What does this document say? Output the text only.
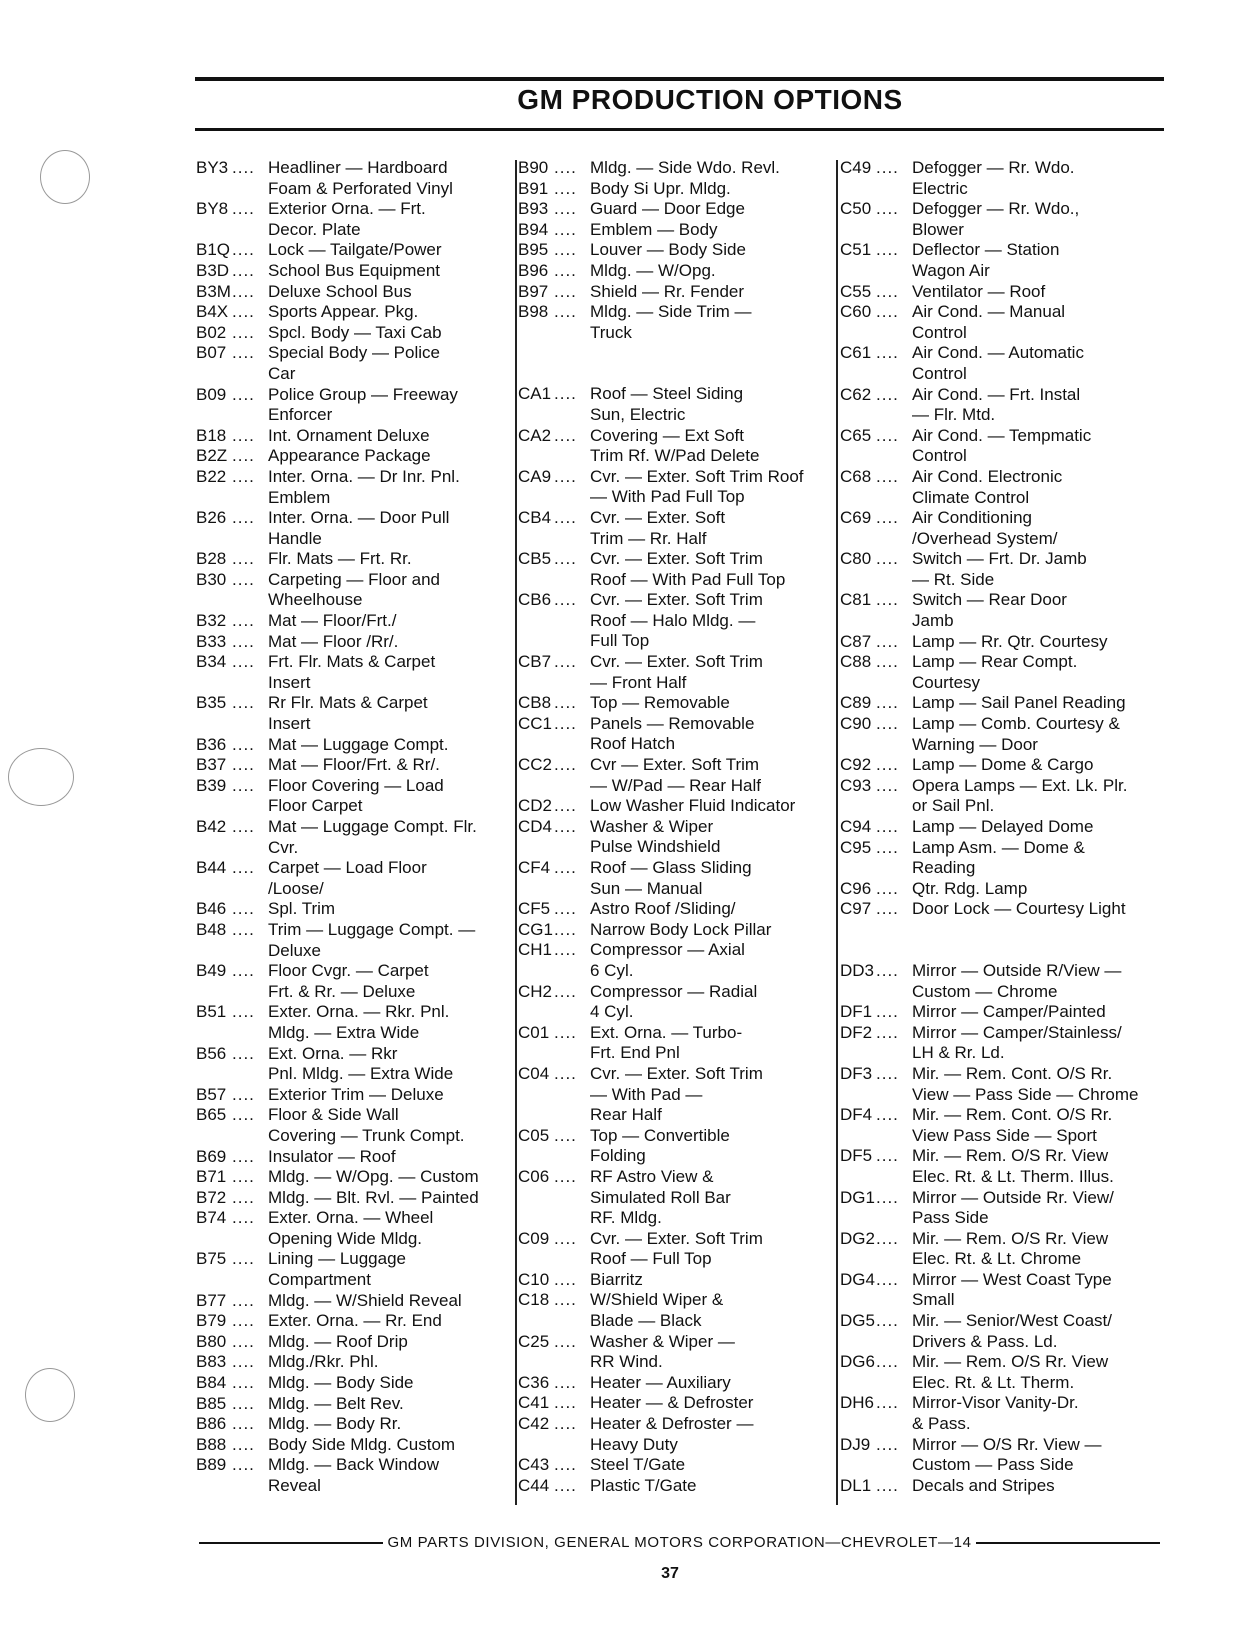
GM PRODUCTION OPTIONS
BY3 .... Headliner — Hardboard
Foam & Perforated Vinyl
BY8 .... Exterior Orna. — Frt.
Decor. Plate
B1Q .... Lock — Tailgate/Power
B3D .... School Bus Equipment
B3M .... Deluxe School Bus
B4X .... Sports Appear. Pkg.
B02 .... Spcl. Body — Taxi Cab
B07 .... Special Body — Police
Car
B09 .... Police Group — Freeway
Enforcer
B18 .... Int. Ornament Deluxe
B2Z .... Appearance Package
B22 .... Inter. Orna. — Dr Inr. Pnl.
Emblem
B26 .... Inter. Orna. — Door Pull
Handle
B28 .... Flr. Mats — Frt. Rr.
B30 .... Carpeting — Floor and
Wheelhouse
B32 .... Mat — Floor/Frt./
B33 .... Mat — Floor /Rr/.
B34 .... Frt. Flr. Mats & Carpet
Insert
B35 .... Rr Flr. Mats & Carpet
Insert
B36 .... Mat — Luggage Compt.
B37 .... Mat — Floor/Frt. & Rr/.
B39 .... Floor Covering — Load
Floor Carpet
B42 .... Mat — Luggage Compt. Flr.
Cvr.
B44 .... Carpet — Load Floor
/Loose/
B46 .... Spl. Trim
B48 .... Trim — Luggage Compt. —
Deluxe
B49 .... Floor Cvgr. — Carpet
Frt. & Rr. — Deluxe
B51 .... Exter. Orna. — Rkr. Pnl.
Mldg. — Extra Wide
B56 .... Ext. Orna. — Rkr
Pnl. Mldg. — Extra Wide
B57 .... Exterior Trim — Deluxe
B65 .... Floor & Side Wall
Covering — Trunk Compt.
B69 .... Insulator — Roof
B71 .... Mldg. — W/Opg. — Custom
B72 .... Mldg. — Blt. Rvl. — Painted
B74 .... Exter. Orna. — Wheel
Opening Wide Mldg.
B75 .... Lining — Luggage
Compartment
B77 .... Mldg. — W/Shield Reveal
B79 .... Exter. Orna. — Rr. End
B80 .... Mldg. — Roof Drip
B83 .... Mldg./Rkr. Phl.
B84 .... Mldg. — Body Side
B85 .... Mldg. — Belt Rev.
B86 .... Mldg. — Body Rr.
B88 .... Body Side Mldg. Custom
B89 .... Mldg. — Back Window
Reveal
B90 .... Mldg. — Side Wdo. Revl.
B91 .... Body Si Upr. Mldg.
B93 .... Guard — Door Edge
B94 .... Emblem — Body
B95 .... Louver — Body Side
B96 .... Mldg. — W/Opg.
B97 .... Shield — Rr. Fender
B98 .... Mldg. — Side Trim —
Truck
CA1 .... Roof — Steel Siding
Sun, Electric
CA2 .... Covering — Ext Soft
Trim Rf. W/Pad Delete
CA9 .... Cvr. — Exter. Soft Trim Roof
— With Pad Full Top
CB4 .... Cvr. — Exter. Soft
Trim — Rr. Half
CB5 .... Cvr. — Exter. Soft Trim
Roof — With Pad Full Top
CB6 .... Cvr. — Exter. Soft Trim
Roof — Halo Mldg. —
Full Top
CB7 .... Cvr. — Exter. Soft Trim
— Front Half
CB8 .... Top — Removable
CC1 .... Panels — Removable
Roof Hatch
CC2 .... Cvr — Exter. Soft Trim
— W/Pad — Rear Half
CD2 .... Low Washer Fluid Indicator
CD4 .... Washer & Wiper
Pulse Windshield
CF4 .... Roof — Glass Sliding
Sun — Manual
CF5 .... Astro Roof /Sliding/
CG1 .... Narrow Body Lock Pillar
CH1 .... Compressor — Axial
6 Cyl.
CH2 .... Compressor — Radial
4 Cyl.
C01 .... Ext. Orna. — Turbo-
Frt. End Pnl
C04 .... Cvr. — Exter. Soft Trim
— With Pad —
Rear Half
C05 .... Top — Convertible
Folding
C06 .... RF Astro View &
Simulated Roll Bar
RF. Mldg.
C09 .... Cvr. — Exter. Soft Trim
Roof — Full Top
C10 .... Biarritz
C18 .... W/Shield Wiper &
Blade — Black
C25 .... Washer & Wiper —
RR Wind.
C36 .... Heater — Auxiliary
C41 .... Heater — & Defroster
C42 .... Heater & Defroster —
Heavy Duty
C43 .... Steel T/Gate
C44 .... Plastic T/Gate
C49 .... Defogger — Rr. Wdo.
Electric
C50 .... Defogger — Rr. Wdo.,
Blower
C51 .... Deflector — Station
Wagon Air
C55 .... Ventilator — Roof
C60 .... Air Cond. — Manual
Control
C61 .... Air Cond. — Automatic
Control
C62 .... Air Cond. — Frt. Instal
— Flr. Mtd.
C65 .... Air Cond. — Tempmatic
Control
C68 .... Air Cond. Electronic
Climate Control
C69 .... Air Conditioning
/Overhead System/
C80 .... Switch — Frt. Dr. Jamb
— Rt. Side
C81 .... Switch — Rear Door
Jamb
C87 .... Lamp — Rr. Qtr. Courtesy
C88 .... Lamp — Rear Compt.
Courtesy
C89 .... Lamp — Sail Panel Reading
C90 .... Lamp — Comb. Courtesy &
Warning — Door
C92 .... Lamp — Dome & Cargo
C93 .... Opera Lamps — Ext. Lk. Plr.
or Sail Pnl.
C94 .... Lamp — Delayed Dome
C95 .... Lamp Asm. — Dome &
Reading
C96 .... Qtr. Rdg. Lamp
C97 .... Door Lock — Courtesy Light
DD3 .... Mirror — Outside R/View —
Custom — Chrome
DF1 .... Mirror — Camper/Painted
DF2 .... Mirror — Camper/Stainless/
LH & Rr. Ld.
DF3 .... Mir. — Rem. Cont. O/S Rr.
View — Pass Side — Chrome
DF4 .... Mir. — Rem. Cont. O/S Rr.
View Pass Side — Sport
DF5 .... Mir. — Rem. O/S Rr. View
Elec. Rt. & Lt. Therm. Illus.
DG1 .... Mirror — Outside Rr. View/
Pass Side
DG2 .... Mir. — Rem. O/S Rr. View
Elec. Rt. & Lt. Chrome
DG4 .... Mirror — West Coast Type
Small
DG5 .... Mir. — Senior/West Coast/
Drivers & Pass. Ld.
DG6 .... Mir. — Rem. O/S Rr. View
Elec. Rt. & Lt. Therm.
DH6 .... Mirror-Visor Vanity-Dr.
& Pass.
DJ9 .... Mirror — O/S Rr. View —
Custom — Pass Side
DL1 .... Decals and Stripes
GM PARTS DIVISION, GENERAL MOTORS CORPORATION—CHEVROLET—14
37
